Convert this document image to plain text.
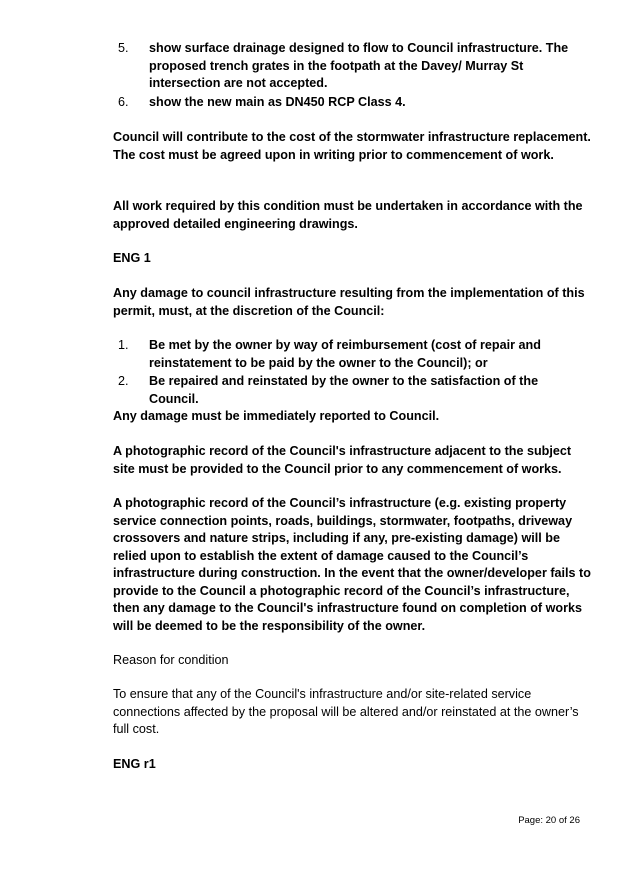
5. show surface drainage designed to flow to Council infrastructure. The proposed trench grates in the footpath at the Davey/ Murray St intersection are not accepted.
6. show the new main as DN450 RCP Class 4.

Council will contribute to the cost of the stormwater infrastructure replacement. The cost must be agreed upon in writing prior to commencement of work.

All work required by this condition must be undertaken in accordance with the approved detailed engineering drawings.

ENG 1

Any damage to council infrastructure resulting from the implementation of this permit, must, at the discretion of the Council:

1. Be met by the owner by way of reimbursement (cost of repair and reinstatement to be paid by the owner to the Council); or
2. Be repaired and reinstated by the owner to the satisfaction of the Council.

Any damage must be immediately reported to Council.

A photographic record of the Council's infrastructure adjacent to the subject site must be provided to the Council prior to any commencement of works.

A photographic record of the Council’s infrastructure (e.g. existing property service connection points, roads, buildings, stormwater, footpaths, driveway crossovers and nature strips, including if any, pre-existing damage) will be relied upon to establish the extent of damage caused to the Council’s infrastructure during construction. In the event that the owner/developer fails to provide to the Council a photographic record of the Council’s infrastructure, then any damage to the Council's infrastructure found on completion of works will be deemed to be the responsibility of the owner.

Reason for condition

To ensure that any of the Council's infrastructure and/or site-related service connections affected by the proposal will be altered and/or reinstated at the owner’s full cost.

ENG r1

Page: 20 of 26
